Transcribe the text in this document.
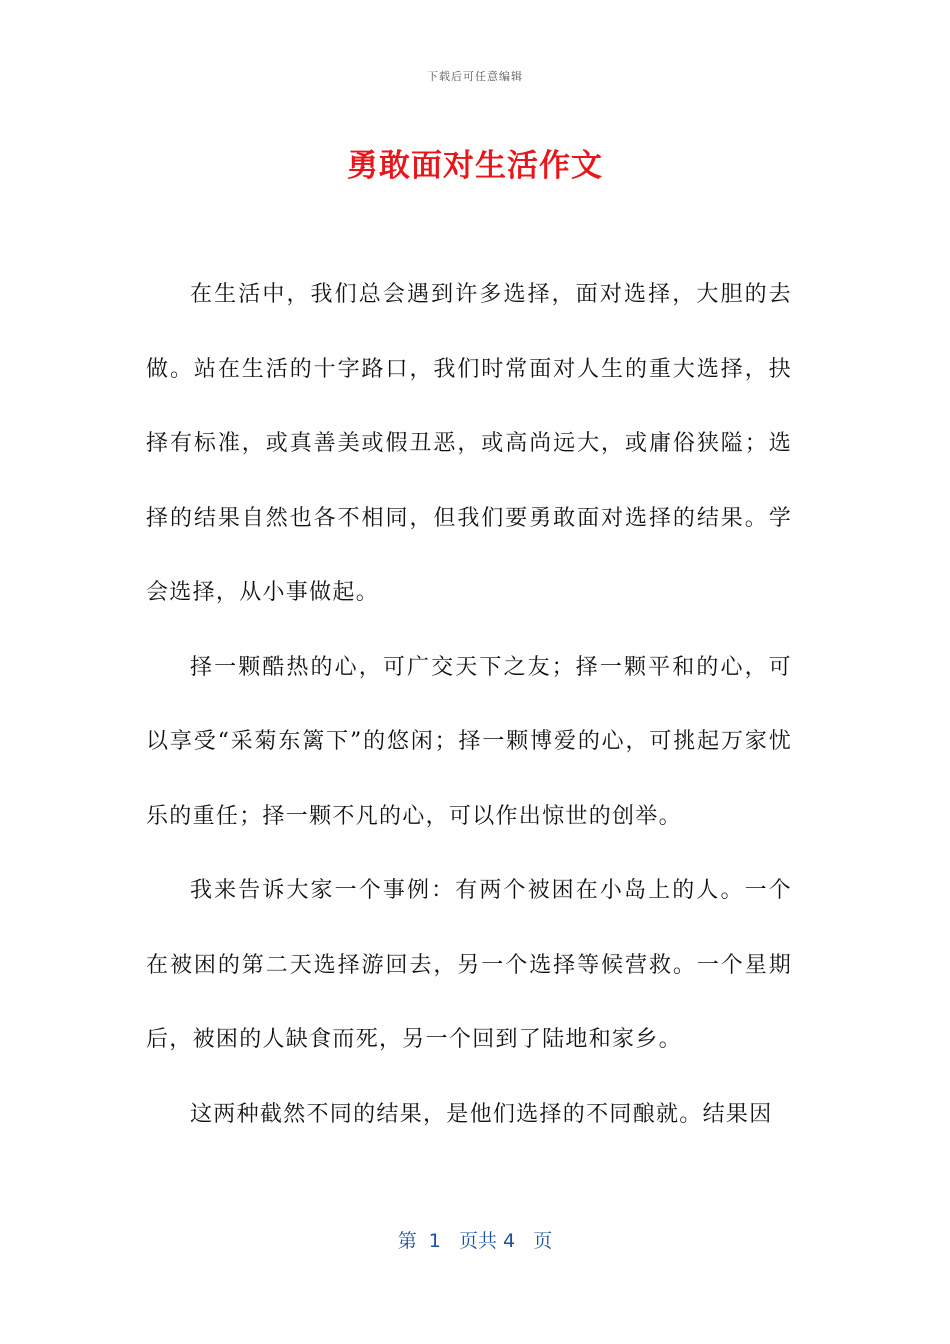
下载后可任意编辑
勇敢面对生活作文

在生活中，我们总会遇到许多选择，面对选择，大胆的去做。站在生活的十字路口，我们时常面对人生的重大选择，抉择有标准，或真善美或假丑恶，或高尚远大，或庸俗狭隘；选择的结果自然也各不相同，但我们要勇敢面对选择的结果。学会选择，从小事做起。

择一颗酷热的心，可广交天下之友；择一颗平和的心，可以享受“采菊东篱下”的悠闲；择一颗博爱的心，可挑起万家忧乐的重任；择一颗不凡的心，可以作出惊世的创举。

我来告诉大家一个事例：有两个被困在小岛上的人。一个在被困的第二天选择游回去，另一个选择等候营救。一个星期后，被困的人缺食而死，另一个回到了陆地和家乡。

这两种截然不同的结果，是他们选择的不同酿就。结果因

第  1   页共 4   页
